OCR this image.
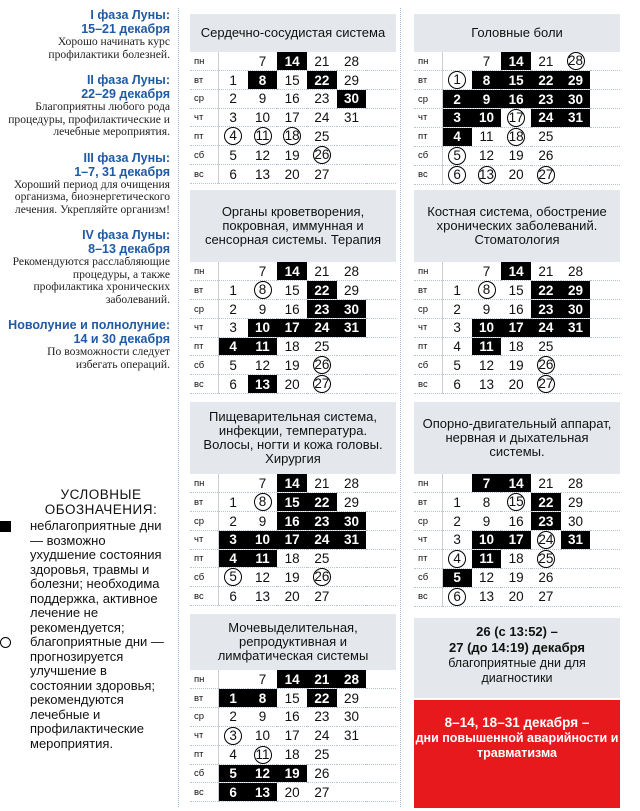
I фаза Луны:
15–21 декабря
Хорошо начинать курс профилактики болезней.
II фаза Луны:
22–29 декабря
Благоприятны любого рода процедуры, профилактические и лечебные мероприятия.
III фаза Луны:
1–7, 31 декабря
Хороший период для очищения организма, биоэнергетического лечения. Укрепляйте организм!
IV фаза Луны:
8–13 декабря
Рекомендуются расслабляющие процедуры, а также профилактика хронических заболеваний.
Новолуние и полнолуние:
14 и 30 декабря
По возможности следует избегать операций.
УСЛОВНЫЕ ОБОЗНАЧЕНИЯ:
неблагоприятные дни — возможно ухудшение состояния здоровья, травмы и болезни; необходима поддержка, активное лечение не рекомендуется;
благоприятные дни — прогнозируется улучшение в состоянии здоровья; рекомендуются лечебные и профилактические мероприятия.
Сердечно-сосудистая система
пн		7	14	21	28	
вт	1	8	15	22	29	
ср	2	9	16	23	30	
чт	3	10	17	24	31	
пт	4	11	18	25		
сб	5	12	19	26		
вс	6	13	20	27		
Головные боли
пн		7	14	21	28	
вт	1	8	15	22	29	
ср	2	9	16	23	30	
чт	3	10	17	24	31	
пт	4	11	18	25		
сб	5	12	19	26		
вс	6	13	20	27		
Органы кроветворения, покровная, иммунная и сенсорная системы. Терапия
пн		7	14	21	28	
вт	1	8	15	22	29	
ср	2	9	16	23	30	
чт	3	10	17	24	31	
пт	4	11	18	25		
сб	5	12	19	26		
вс	6	13	20	27		
Костная система, обострение хронических заболеваний. Стоматология
пн		7	14	21	28	
вт	1	8	15	22	29	
ср	2	9	16	23	30	
чт	3	10	17	24	31	
пт	4	11	18	25		
сб	5	12	19	26		
вс	6	13	20	27		
Пищеварительная система, инфекции, температура. Волосы, ногти и кожа головы. Хирургия
пн		7	14	21	28	
вт	1	8	15	22	29	
ср	2	9	16	23	30	
чт	3	10	17	24	31	
пт	4	11	18	25		
сб	5	12	19	26		
вс	6	13	20	27		
Опорно-двигательный аппарат, нервная и дыхательная системы.
пн		7	14	21	28	
вт	1	8	15	22	29	
ср	2	9	16	23	30	
чт	3	10	17	24	31	
пт	4	11	18	25		
сб	5	12	19	26		
вс	6	13	20	27		
Мочевыделительная, репродуктивная и лимфатическая системы
пн		7	14	21	28	
вт	1	8	15	22	29	
ср	2	9	16	23	30	
чт	3	10	17	24	31	
пт	4	11	18	25		
сб	5	12	19	26		
вс	6	13	20	27		
26 (с 13:52) –
27 (до 14:19) декабря
благоприятные дни для диагностики
8–14, 18–31 декабря –
дни повышенной аварийности и травматизма
